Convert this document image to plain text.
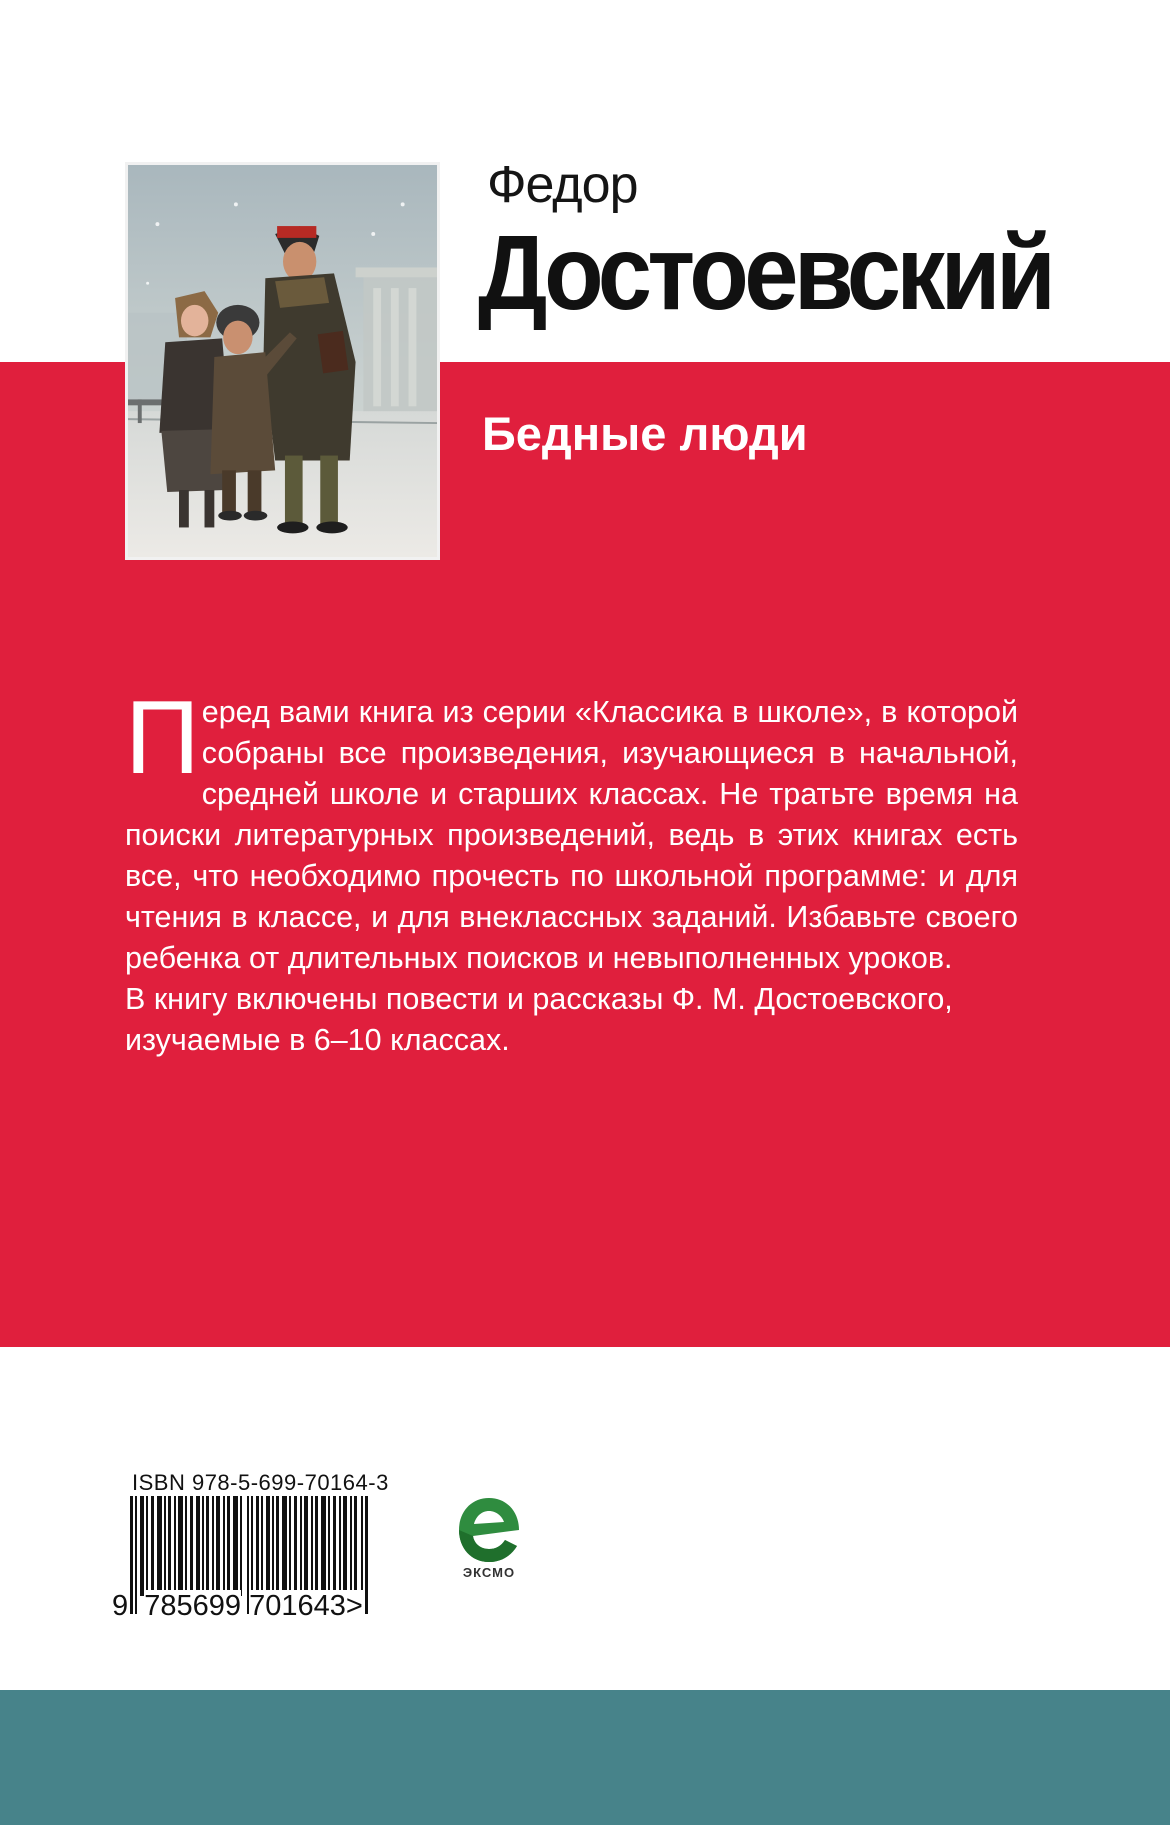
Федор
Достоевский
Бедные люди

Перед вами книга из серии «Классика в школе», в которой собраны все произведения, изучающиеся в начальной, средней школе и старших классах. Не тратьте время на поиски литературных произведений, ведь в этих книгах есть все, что необходимо прочесть по школьной программе: и для чтения в классе, и для внеклассных заданий. Избавьте своего ребенка от длительных поисков и невыполненных уроков.

В книгу включены повести и рассказы Ф. М. Достоевского, изучаемые в 6–10 классах.

ISBN 978-5-699-70164-3
9 785699 701643>
ЭКСМО
